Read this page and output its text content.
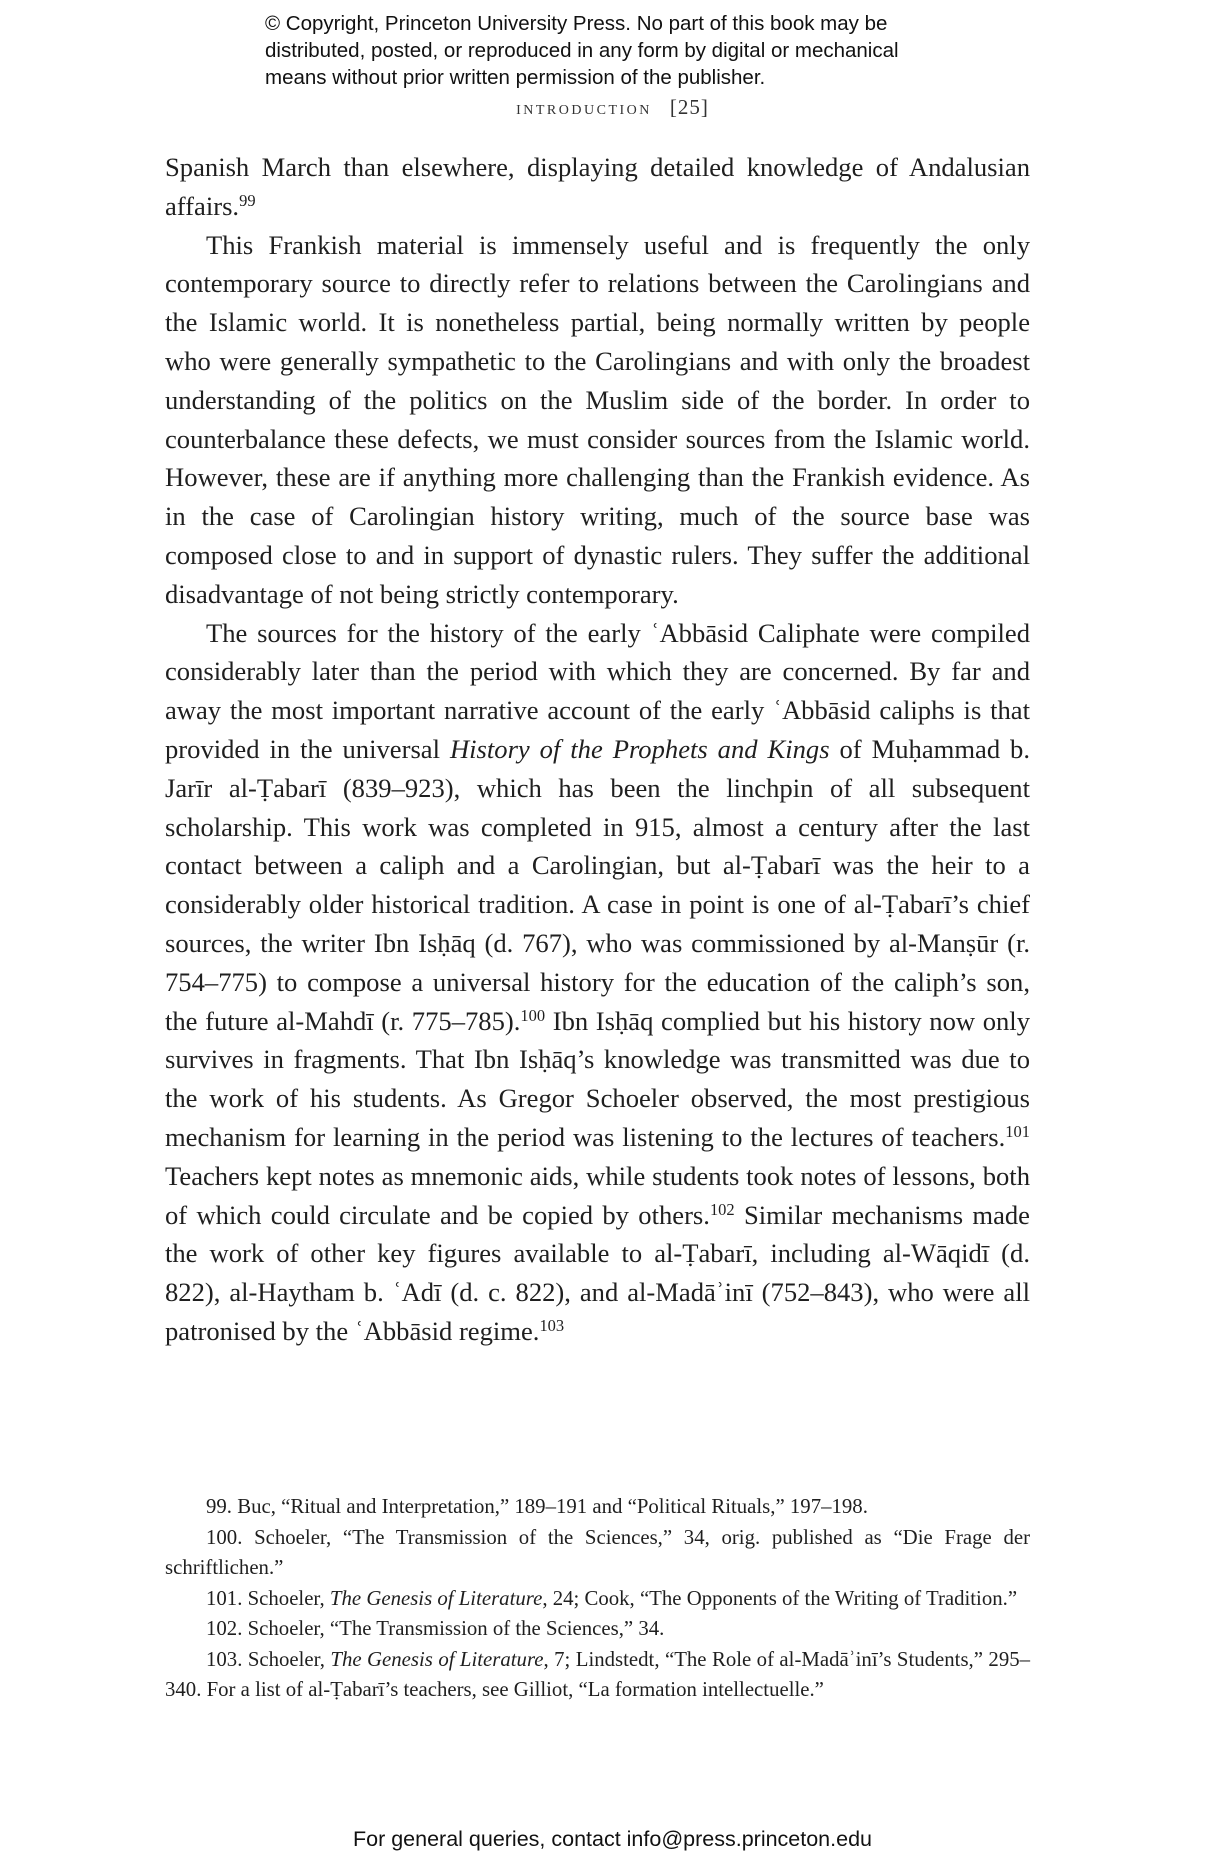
© Copyright, Princeton University Press. No part of this book may be
distributed, posted, or reproduced in any form by digital or mechanical
means without prior written permission of the publisher.
introduction [25]

Spanish March than elsewhere, displaying detailed knowledge of Andalusian affairs.$^{99}$

This Frankish material is immensely useful and is frequently the only contemporary source to directly refer to relations between the Carolingians and the Islamic world. It is nonetheless partial, being normally written by people who were generally sympathetic to the Carolingians and with only the broadest understanding of the politics on the Muslim side of the border. In order to counterbalance these defects, we must consider sources from the Islamic world. However, these are if anything more challenging than the Frankish evidence. As in the case of Carolingian history writing, much of the source base was composed close to and in support of dynastic rulers. They suffer the additional disadvantage of not being strictly contemporary.

The sources for the history of the early ʿAbbāsid Caliphate were compiled considerably later than the period with which they are concerned. By far and away the most important narrative account of the early ʿAbbāsid caliphs is that provided in the universal History of the Prophets and Kings of Muḥammad b. Jarīr al-Ṭabarī (839–923), which has been the linchpin of all subsequent scholarship. This work was completed in 915, almost a century after the last contact between a caliph and a Carolingian, but al-Ṭabarī was the heir to a considerably older historical tradition. A case in point is one of al-Ṭabarī’s chief sources, the writer Ibn Isḥāq (d. 767), who was commissioned by al-Manṣūr (r. 754–775) to compose a universal history for the education of the caliph’s son, the future al-Mahdī (r. 775–785).$^{100}$ Ibn Isḥāq complied but his history now only survives in fragments. That Ibn Isḥāq’s knowledge was transmitted was due to the work of his students. As Gregor Schoeler observed, the most prestigious mechanism for learning in the period was listening to the lectures of teachers.$^{101}$ Teachers kept notes as mnemonic aids, while students took notes of lessons, both of which could circulate and be copied by others.$^{102}$ Similar mechanisms made the work of other key figures available to al-Ṭabarī, including al-Wāqidī (d. 822), al-Haytham b. ʿAdī (d. c. 822), and al-Madāʾinī (752–843), who were all patronised by the ʿAbbāsid regime.$^{103}$

99. Buc, “Ritual and Interpretation,” 189–191 and “Political Rituals,” 197–198.

100. Schoeler, “The Transmission of the Sciences,” 34, orig. published as “Die Frage der schriftlichen.”

101. Schoeler, The Genesis of Literature, 24; Cook, “The Opponents of the Writing of Tradition.”

102. Schoeler, “The Transmission of the Sciences,” 34.

103. Schoeler, The Genesis of Literature, 7; Lindstedt, “The Role of al-Madāʾinī’s Students,” 295–340. For a list of al-Ṭabarī’s teachers, see Gilliot, “La formation intellectuelle.”

For general queries, contact info@press.princeton.edu
